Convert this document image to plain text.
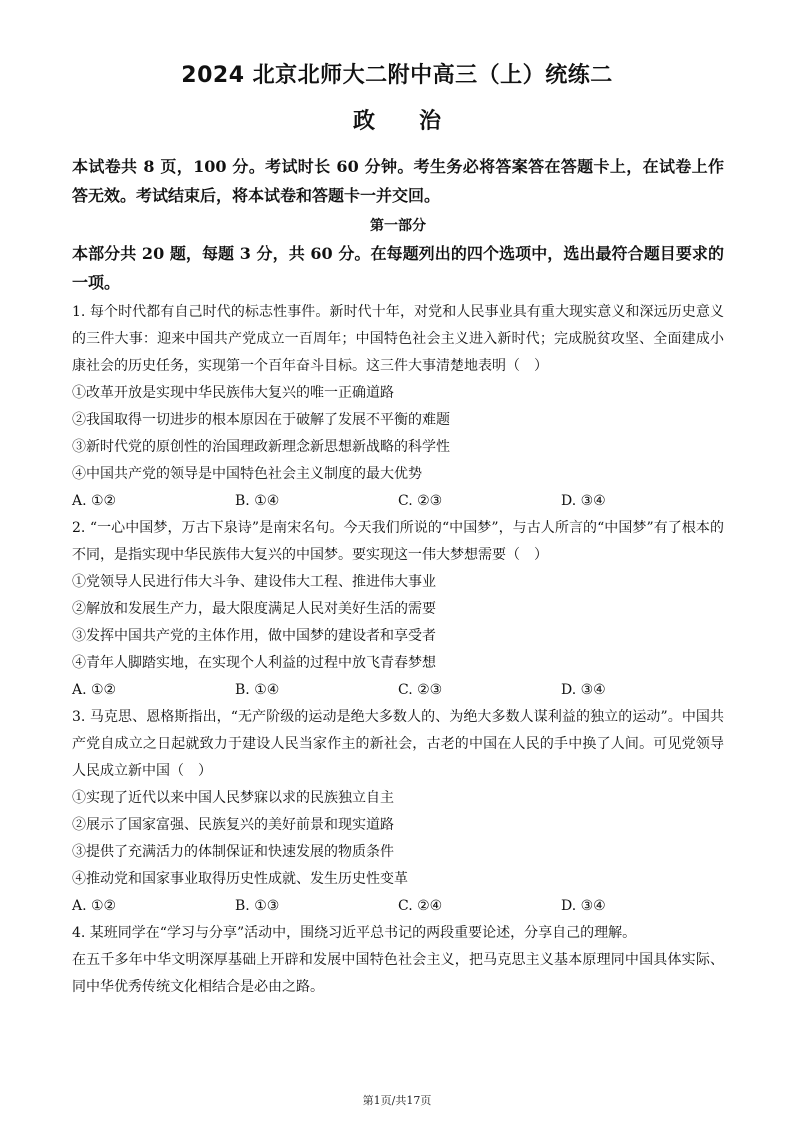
2024 北京北师大二附中高三（上）统练二
政治

本试卷共 8 页，100 分。考试时长 60 分钟。考生务必将答案答在答题卡上，在试卷上作答无效。考试结束后，将本试卷和答题卡一并交回。

第一部分

本部分共 20 题，每题 3 分，共 60 分。在每题列出的四个选项中，选出最符合题目要求的一项。

1. 每个时代都有自己时代的标志性事件。新时代十年，对党和人民事业具有重大现实意义和深远历史意义的三件大事：迎来中国共产党成立一百周年；中国特色社会主义进入新时代；完成脱贫攻坚、全面建成小康社会的历史任务，实现第一个百年奋斗目标。这三件大事清楚地表明（　）

①改革开放是实现中华民族伟大复兴的唯一正确道路

②我国取得一切进步的根本原因在于破解了发展不平衡的难题

③新时代党的原创性的治国理政新理念新思想新战略的科学性

④中国共产党的领导是中国特色社会主义制度的最大优势

A. ①②	B. ①④	C. ②③	D. ③④

2. “一心中国梦，万古下泉诗”是南宋名句。今天我们所说的“中国梦”，与古人所言的“中国梦”有了根本的不同，是指实现中华民族伟大复兴的中国梦。要实现这一伟大梦想需要（　）

①党领导人民进行伟大斗争、建设伟大工程、推进伟大事业

②解放和发展生产力，最大限度满足人民对美好生活的需要

③发挥中国共产党的主体作用，做中国梦的建设者和享受者

④青年人脚踏实地，在实现个人利益的过程中放飞青春梦想

A. ①②	B. ①④	C. ②③	D. ③④

3. 马克思、恩格斯指出，“无产阶级的运动是绝大多数人的、为绝大多数人谋利益的独立的运动”。中国共产党自成立之日起就致力于建设人民当家作主的新社会，古老的中国在人民的手中换了人间。可见党领导人民成立新中国（　）

①实现了近代以来中国人民梦寐以求的民族独立自主

②展示了国家富强、民族复兴的美好前景和现实道路

③提供了充满活力的体制保证和快速发展的物质条件

④推动党和国家事业取得历史性成就、发生历史性变革

A. ①②	B. ①③	C. ②④	D. ③④

4. 某班同学在“学习与分享”活动中，围绕习近平总书记的两段重要论述，分享自己的理解。

在五千多年中华文明深厚基础上开辟和发展中国特色社会主义，把马克思主义基本原理同中国具体实际、同中华优秀传统文化相结合是必由之路。

第1页/共17页
